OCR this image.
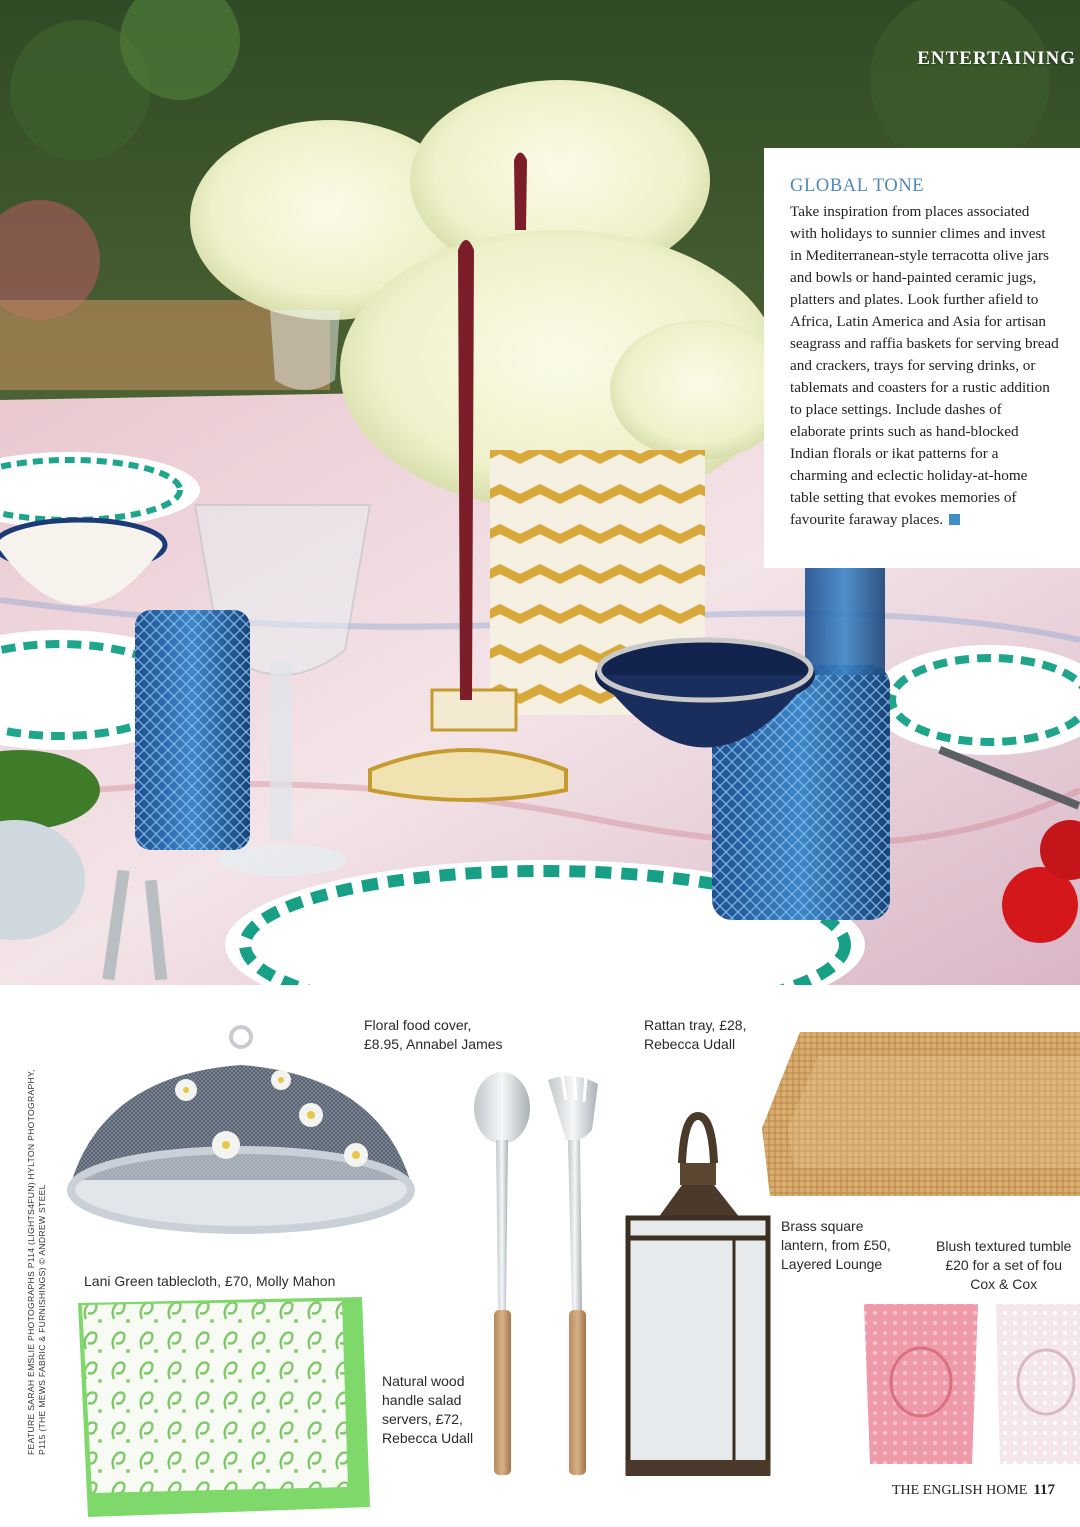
ENTERTAINING
GLOBAL TONE
Take inspiration from places associated
with holidays to sunnier climes and invest
in Mediterranean-style terracotta olive jars
and bowls or hand-painted ceramic jugs,
platters and plates. Look further afield to
Africa, Latin America and Asia for artisan
seagrass and raffia baskets for serving bread
and crackers, trays for serving drinks, or
tablemats and coasters for a rustic addition
to place settings. Include dashes of
elaborate prints such as hand-blocked
Indian florals or ikat patterns for a
charming and eclectic holiday-at-home
table setting that evokes memories of
favourite faraway places.
Floral food cover,
£8.95, Annabel James
Rattan tray, £28,
Rebecca Udall
Lani Green tablecloth, £70, Molly Mahon
Natural wood
handle salad
servers, £72,
Rebecca Udall
Brass square
lantern, from £50,
Layered Lounge
Blush textured tumble
£20 for a set of fou
Cox & Cox
FEATURE SARAH EMSLIE PHOTOGRAPHS P114 (LIGHTS4FUN) HYLTON PHOTOGRAPHY, P115 (THE MEWS FABRIC & FURNISHINGS) © ANDREW STEEL
THE ENGLISH HOME 117
